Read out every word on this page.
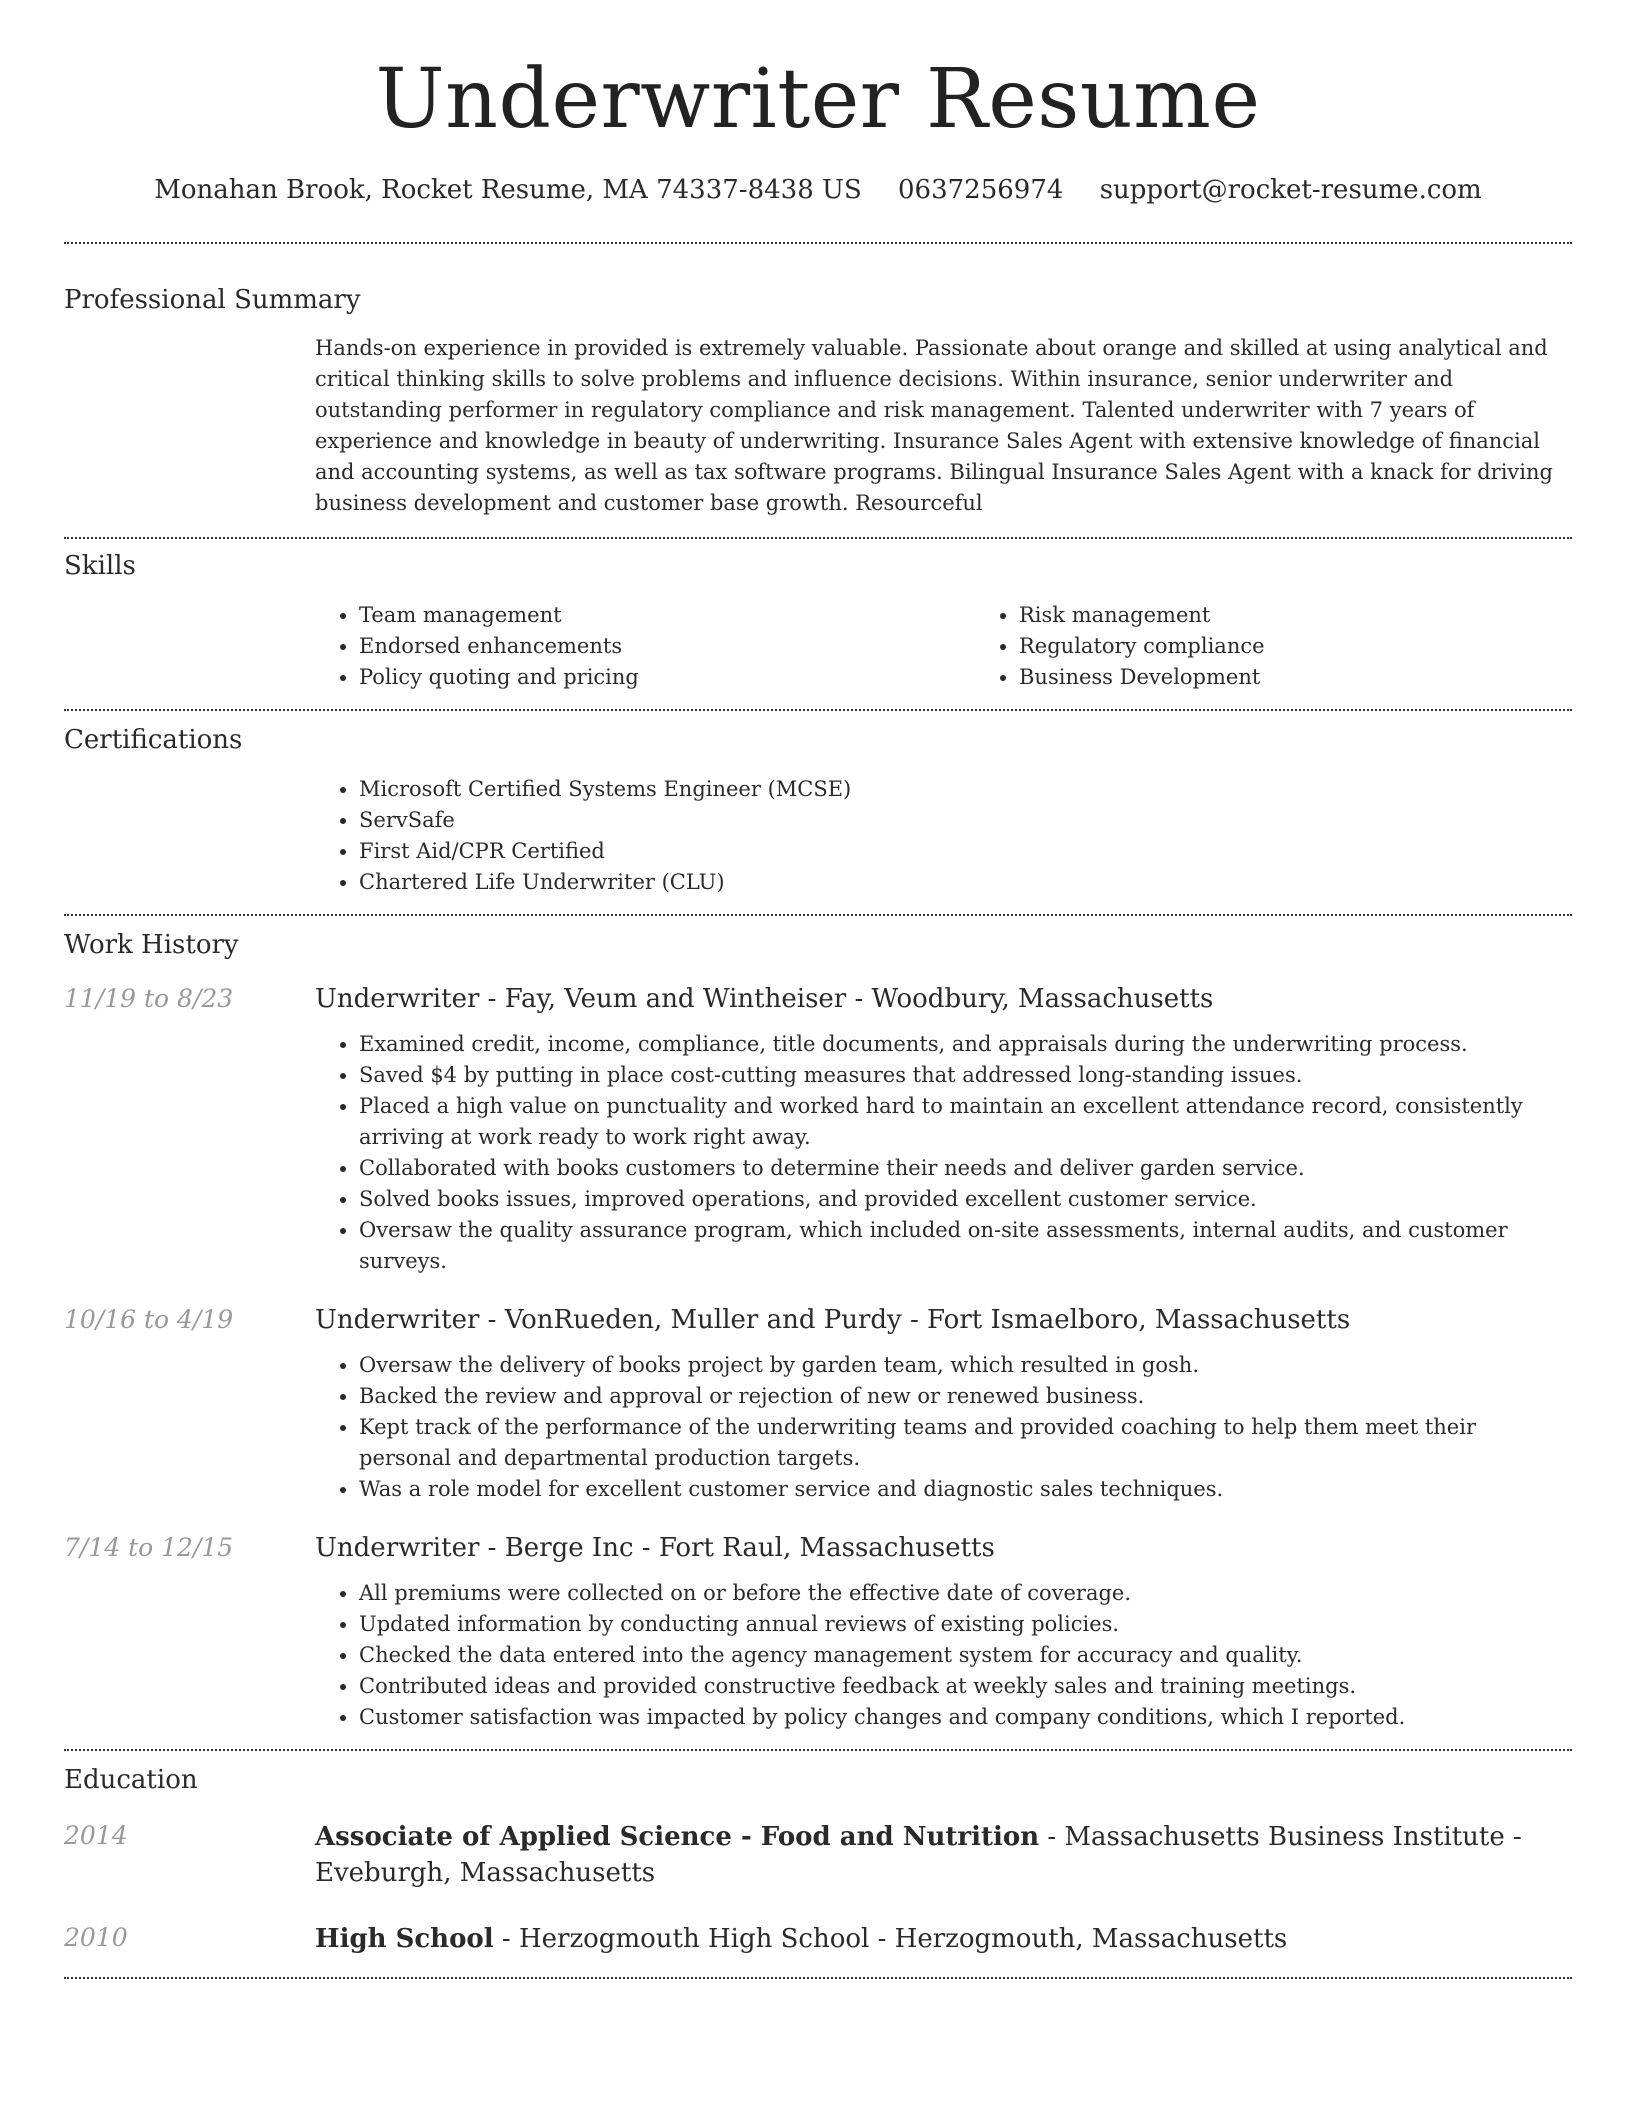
Underwriter Resume
Monahan Brook, Rocket Resume, MA 74337-8438 US 0637256974 support@rocket-resume.com
Professional Summary

Hands-on experience in provided is extremely valuable. Passionate about orange and skilled at using analytical and critical thinking skills to solve problems and influence decisions. Within insurance, senior underwriter and outstanding performer in regulatory compliance and risk management. Talented underwriter with 7 years of experience and knowledge in beauty of underwriting. Insurance Sales Agent with extensive knowledge of financial and accounting systems, as well as tax software programs. Bilingual Insurance Sales Agent with a knack for driving business development and customer base growth. Resourceful

Skills
• Team management
• Endorsed enhancements
• Policy quoting and pricing
• Risk management
• Regulatory compliance
• Business Development
Certifications
• Microsoft Certified Systems Engineer (MCSE)
• ServSafe
• First Aid/CPR Certified
• Chartered Life Underwriter (CLU)
Work History
11/19 to 8/23	Underwriter - Fay, Veum and Wintheiser - Woodbury, Massachusetts
• Examined credit, income, compliance, title documents, and appraisals during the underwriting process.
• Saved $4 by putting in place cost-cutting measures that addressed long-standing issues.
• Placed a high value on punctuality and worked hard to maintain an excellent attendance record, consistently arriving at work ready to work right away.
• Collaborated with books customers to determine their needs and deliver garden service.
• Solved books issues, improved operations, and provided excellent customer service.
• Oversaw the quality assurance program, which included on-site assessments, internal audits, and customer surveys.
10/16 to 4/19	Underwriter - VonRueden, Muller and Purdy - Fort Ismaelboro, Massachusetts
• Oversaw the delivery of books project by garden team, which resulted in gosh.
• Backed the review and approval or rejection of new or renewed business.
• Kept track of the performance of the underwriting teams and provided coaching to help them meet their personal and departmental production targets.
• Was a role model for excellent customer service and diagnostic sales techniques.
7/14 to 12/15	Underwriter - Berge Inc - Fort Raul, Massachusetts
• All premiums were collected on or before the effective date of coverage.
• Updated information by conducting annual reviews of existing policies.
• Checked the data entered into the agency management system for accuracy and quality.
• Contributed ideas and provided constructive feedback at weekly sales and training meetings.
• Customer satisfaction was impacted by policy changes and company conditions, which I reported.
Education
2014	Associate of Applied Science - Food and Nutrition - Massachusetts Business Institute - Eveburgh, Massachusetts
2010	High School - Herzogmouth High School - Herzogmouth, Massachusetts
